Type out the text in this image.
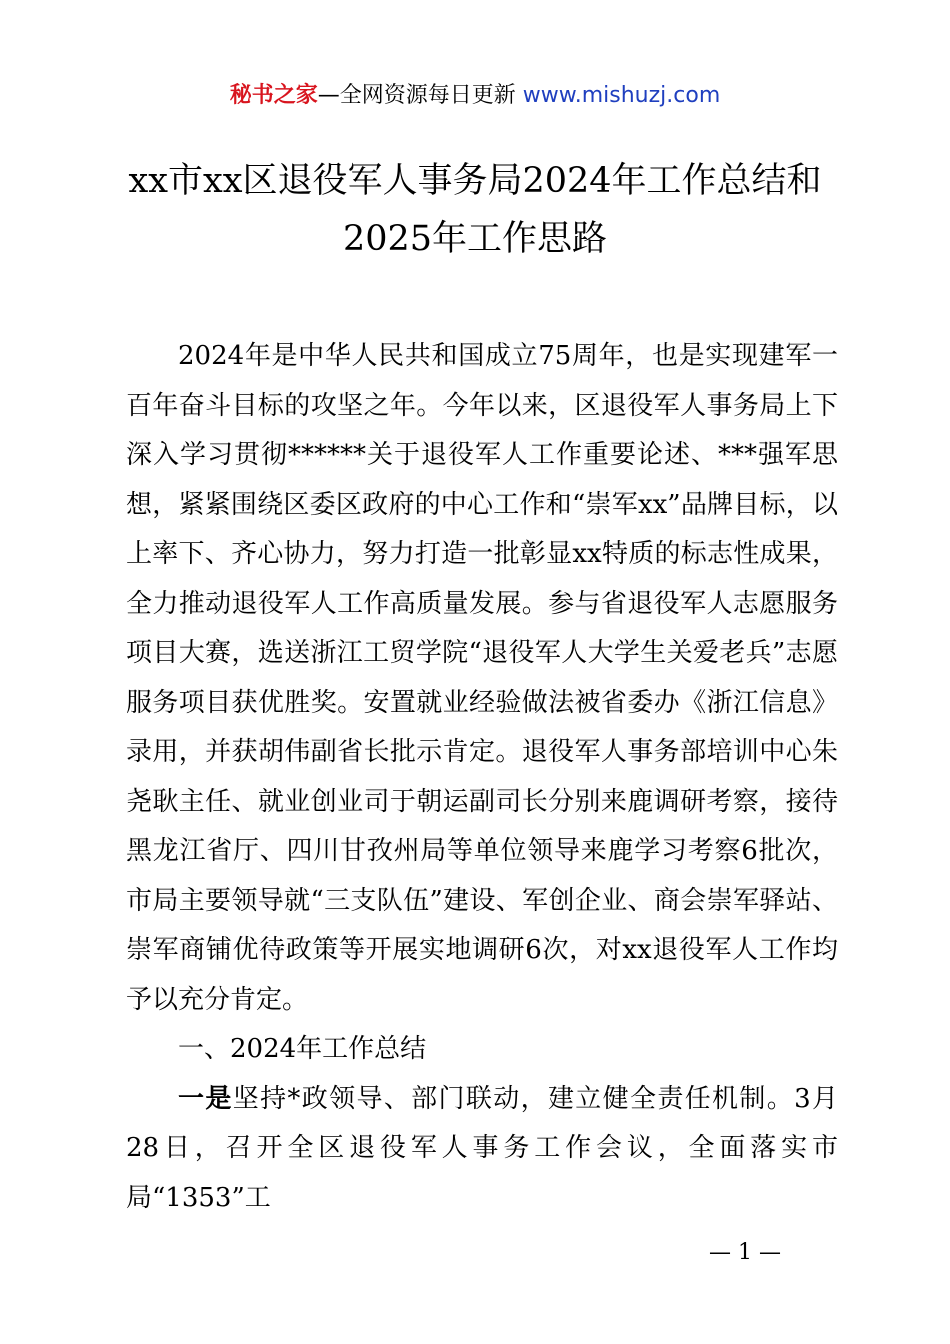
秘书之家—全网资源每日更新 www.mishuzj.com
xx市xx区退役军人事务局2024年工作总结和
2025年工作思路

2024年是中华人民共和国成立75周年，也是实现建军一百年奋斗目标的攻坚之年。今年以来，区退役军人事务局上下深入学习贯彻******关于退役军人工作重要论述、***强军思想，紧紧围绕区委区政府的中心工作和“崇军xx”品牌目标，以上率下、齐心协力，努力打造一批彰显xx特质的标志性成果，全力推动退役军人工作高质量发展。参与省退役军人志愿服务项目大赛，选送浙江工贸学院“退役军人大学生关爱老兵”志愿服务项目获优胜奖。安置就业经验做法被省委办《浙江信息》录用，并获胡伟副省长批示肯定。退役军人事务部培训中心朱尧耿主任、就业创业司于朝运副司长分别来鹿调研考察，接待黑龙江省厅、四川甘孜州局等单位领导来鹿学习考察6批次，市局主要领导就“三支队伍”建设、军创企业、商会崇军驿站、崇军商铺优待政策等开展实地调研6次，对xx退役军人工作均予以充分肯定。

一、2024年工作总结

一是坚持*政领导、部门联动，建立健全责任机制。3月28日，召开全区退役军人事务工作会议，全面落实市局“1353”工

— 1 —
